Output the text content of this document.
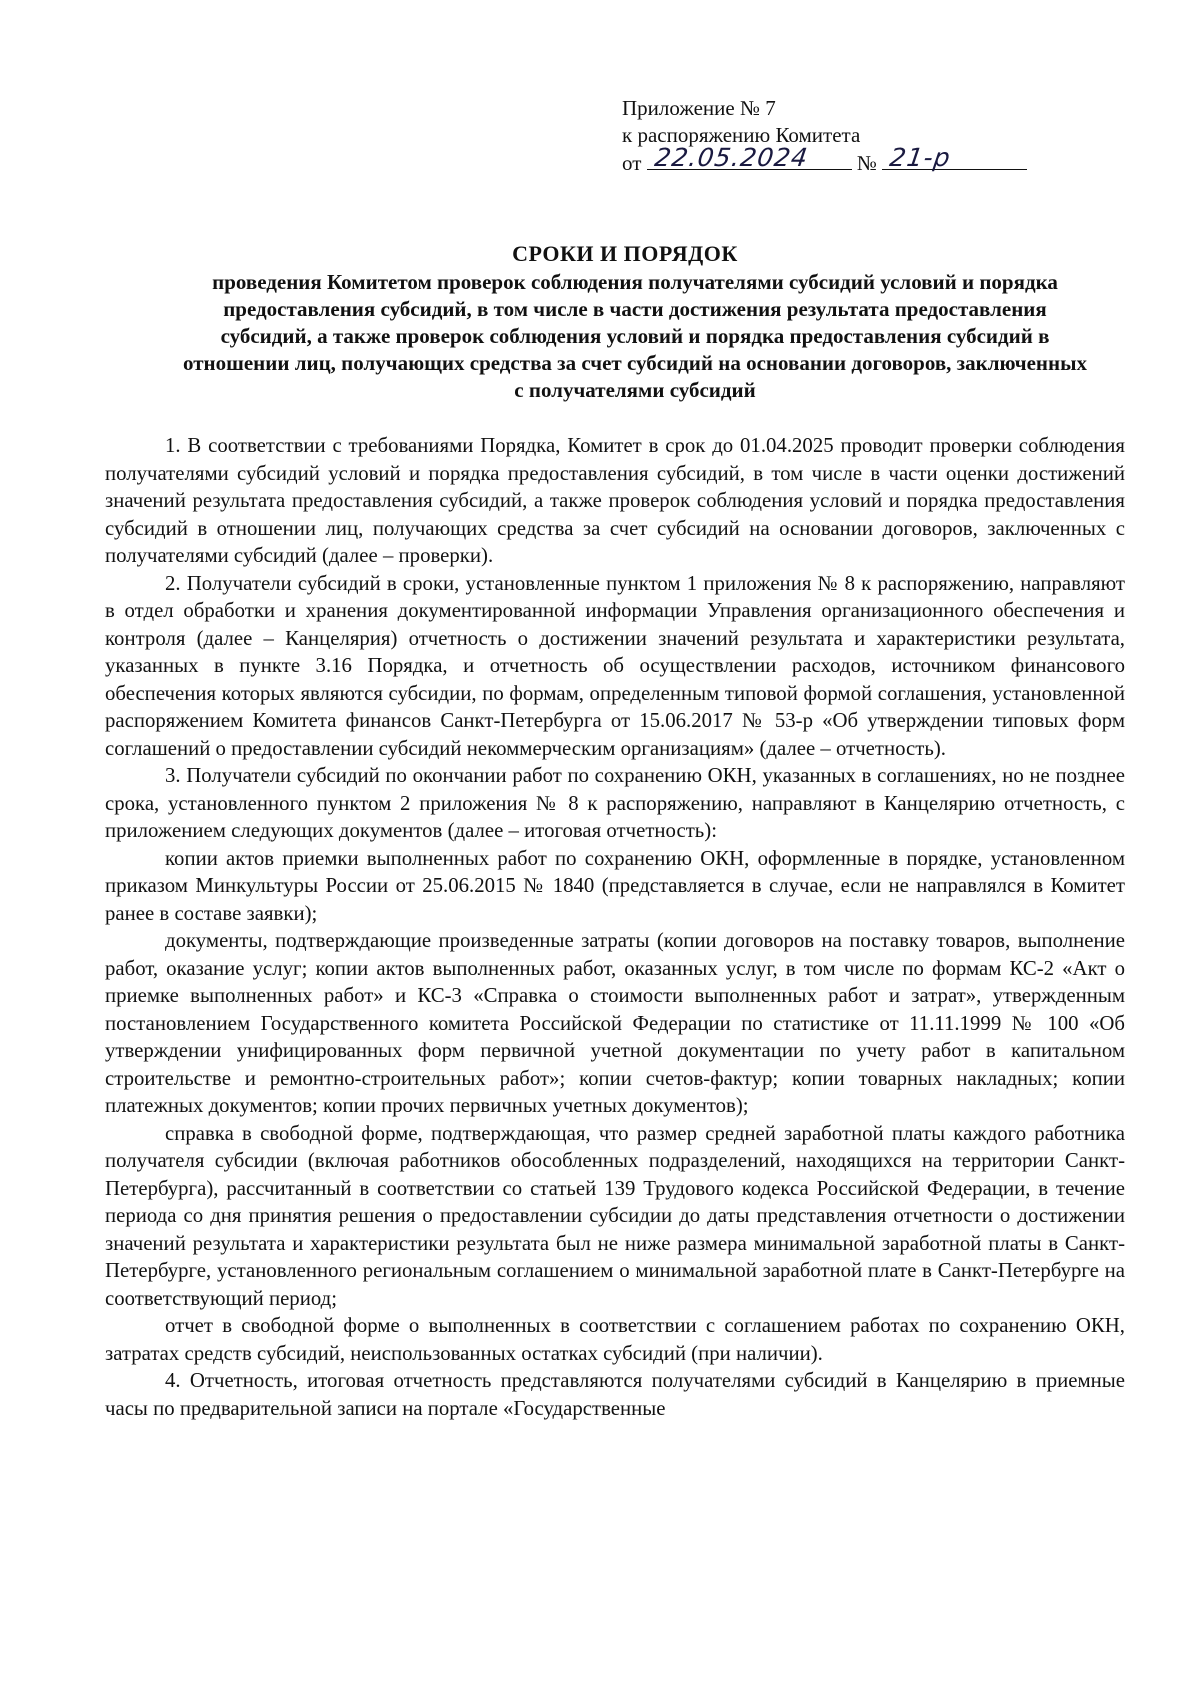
Приложение № 7
к распоряжению Комитета
от 22.05.2024 № 21-р
СРОКИ И ПОРЯДОК
проведения Комитетом проверок соблюдения получателями субсидий условий и порядка предоставления субсидий, в том числе в части достижения результата предоставления субсидий, а также проверок соблюдения условий и порядка предоставления субсидий в отношении лиц, получающих средства за счет субсидий на основании договоров, заключенных с получателями субсидий

1. В соответствии с требованиями Порядка, Комитет в срок до 01.04.2025 проводит проверки соблюдения получателями субсидий условий и порядка предоставления субсидий, в том числе в части оценки достижений значений результата предоставления субсидий, а также проверок соблюдения условий и порядка предоставления субсидий в отношении лиц, получающих средства за счет субсидий на основании договоров, заключенных с получателями субсидий (далее – проверки).

2. Получатели субсидий в сроки, установленные пунктом 1 приложения № 8 к распоряжению, направляют в отдел обработки и хранения документированной информации Управления организационного обеспечения и контроля (далее – Канцелярия) отчетность о достижении значений результата и характеристики результата, указанных в пункте 3.16 Порядка, и отчетность об осуществлении расходов, источником финансового обеспечения которых являются субсидии, по формам, определенным типовой формой соглашения, установленной распоряжением Комитета финансов Санкт-Петербурга от 15.06.2017 № 53-р «Об утверждении типовых форм соглашений о предоставлении субсидий некоммерческим организациям» (далее – отчетность).

3. Получатели субсидий по окончании работ по сохранению ОКН, указанных в соглашениях, но не позднее срока, установленного пунктом 2 приложения № 8 к распоряжению, направляют в Канцелярию отчетность, с приложением следующих документов (далее – итоговая отчетность):

копии актов приемки выполненных работ по сохранению ОКН, оформленные в порядке, установленном приказом Минкультуры России от 25.06.2015 № 1840 (представляется в случае, если не направлялся в Комитет ранее в составе заявки);

документы, подтверждающие произведенные затраты (копии договоров на поставку товаров, выполнение работ, оказание услуг; копии актов выполненных работ, оказанных услуг, в том числе по формам КС-2 «Акт о приемке выполненных работ» и КС-3 «Справка о стоимости выполненных работ и затрат», утвержденным постановлением Государственного комитета Российской Федерации по статистике от 11.11.1999 № 100 «Об утверждении унифицированных форм первичной учетной документации по учету работ в капитальном строительстве и ремонтно-строительных работ»; копии счетов-фактур; копии товарных накладных; копии платежных документов; копии прочих первичных учетных документов);

справка в свободной форме, подтверждающая, что размер средней заработной платы каждого работника получателя субсидии (включая работников обособленных подразделений, находящихся на территории Санкт-Петербурга), рассчитанный в соответствии со статьей 139 Трудового кодекса Российской Федерации, в течение периода со дня принятия решения о предоставлении субсидии до даты представления отчетности о достижении значений результата и характеристики результата был не ниже размера минимальной заработной платы в Санкт-Петербурге, установленного региональным соглашением о минимальной заработной плате в Санкт-Петербурге на соответствующий период;

отчет в свободной форме о выполненных в соответствии с соглашением работах по сохранению ОКН, затратах средств субсидий, неиспользованных остатках субсидий (при наличии).

4. Отчетность, итоговая отчетность представляются получателями субсидий в Канцелярию в приемные часы по предварительной записи на портале «Государственные
